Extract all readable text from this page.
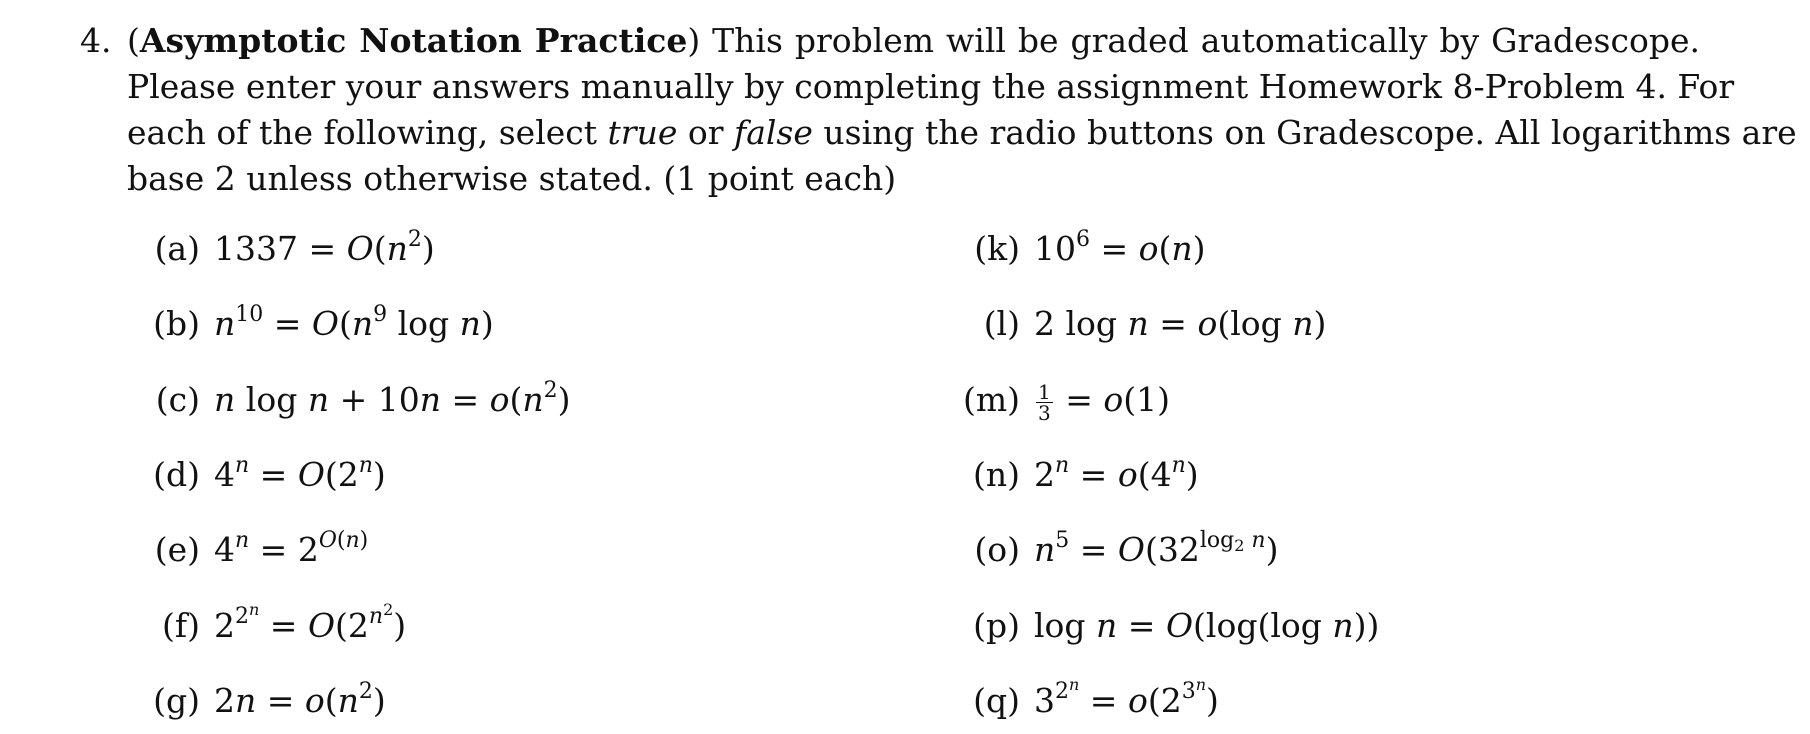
4. (Asymptotic Notation Practice) This problem will be graded automatically by Gradescope.
Please enter your answers manually by completing the assignment Homework 8-Problem 4. For
each of the following, select true or false using the radio buttons on Gradescope. All logarithms are
base 2 unless otherwise stated. (1 point each)
(a) $1337 = O(n^2)$
(b) $n^{10} = O(n^9$ log n)
(c) n $\log n + 10n = o(n^2)$
(d) $4^n = O(2^n)$
(e) $4^n = 2^{O(n)}$
(f) $2^{2^n} = O(2^{n^2})$
(g) $2n = o(n^2)$
(k) $10^6 = o(n)$
(l) 2 log n = o(log n)
$(m) \frac{1}{3} = o(1)$
(n) $2^n = o(4^n)$
(o) $n^5 = O(32^{log_2 n})$
(p) log n = O(log(log n))
(q) $3^{2^n} = o(2^{3^n})$
